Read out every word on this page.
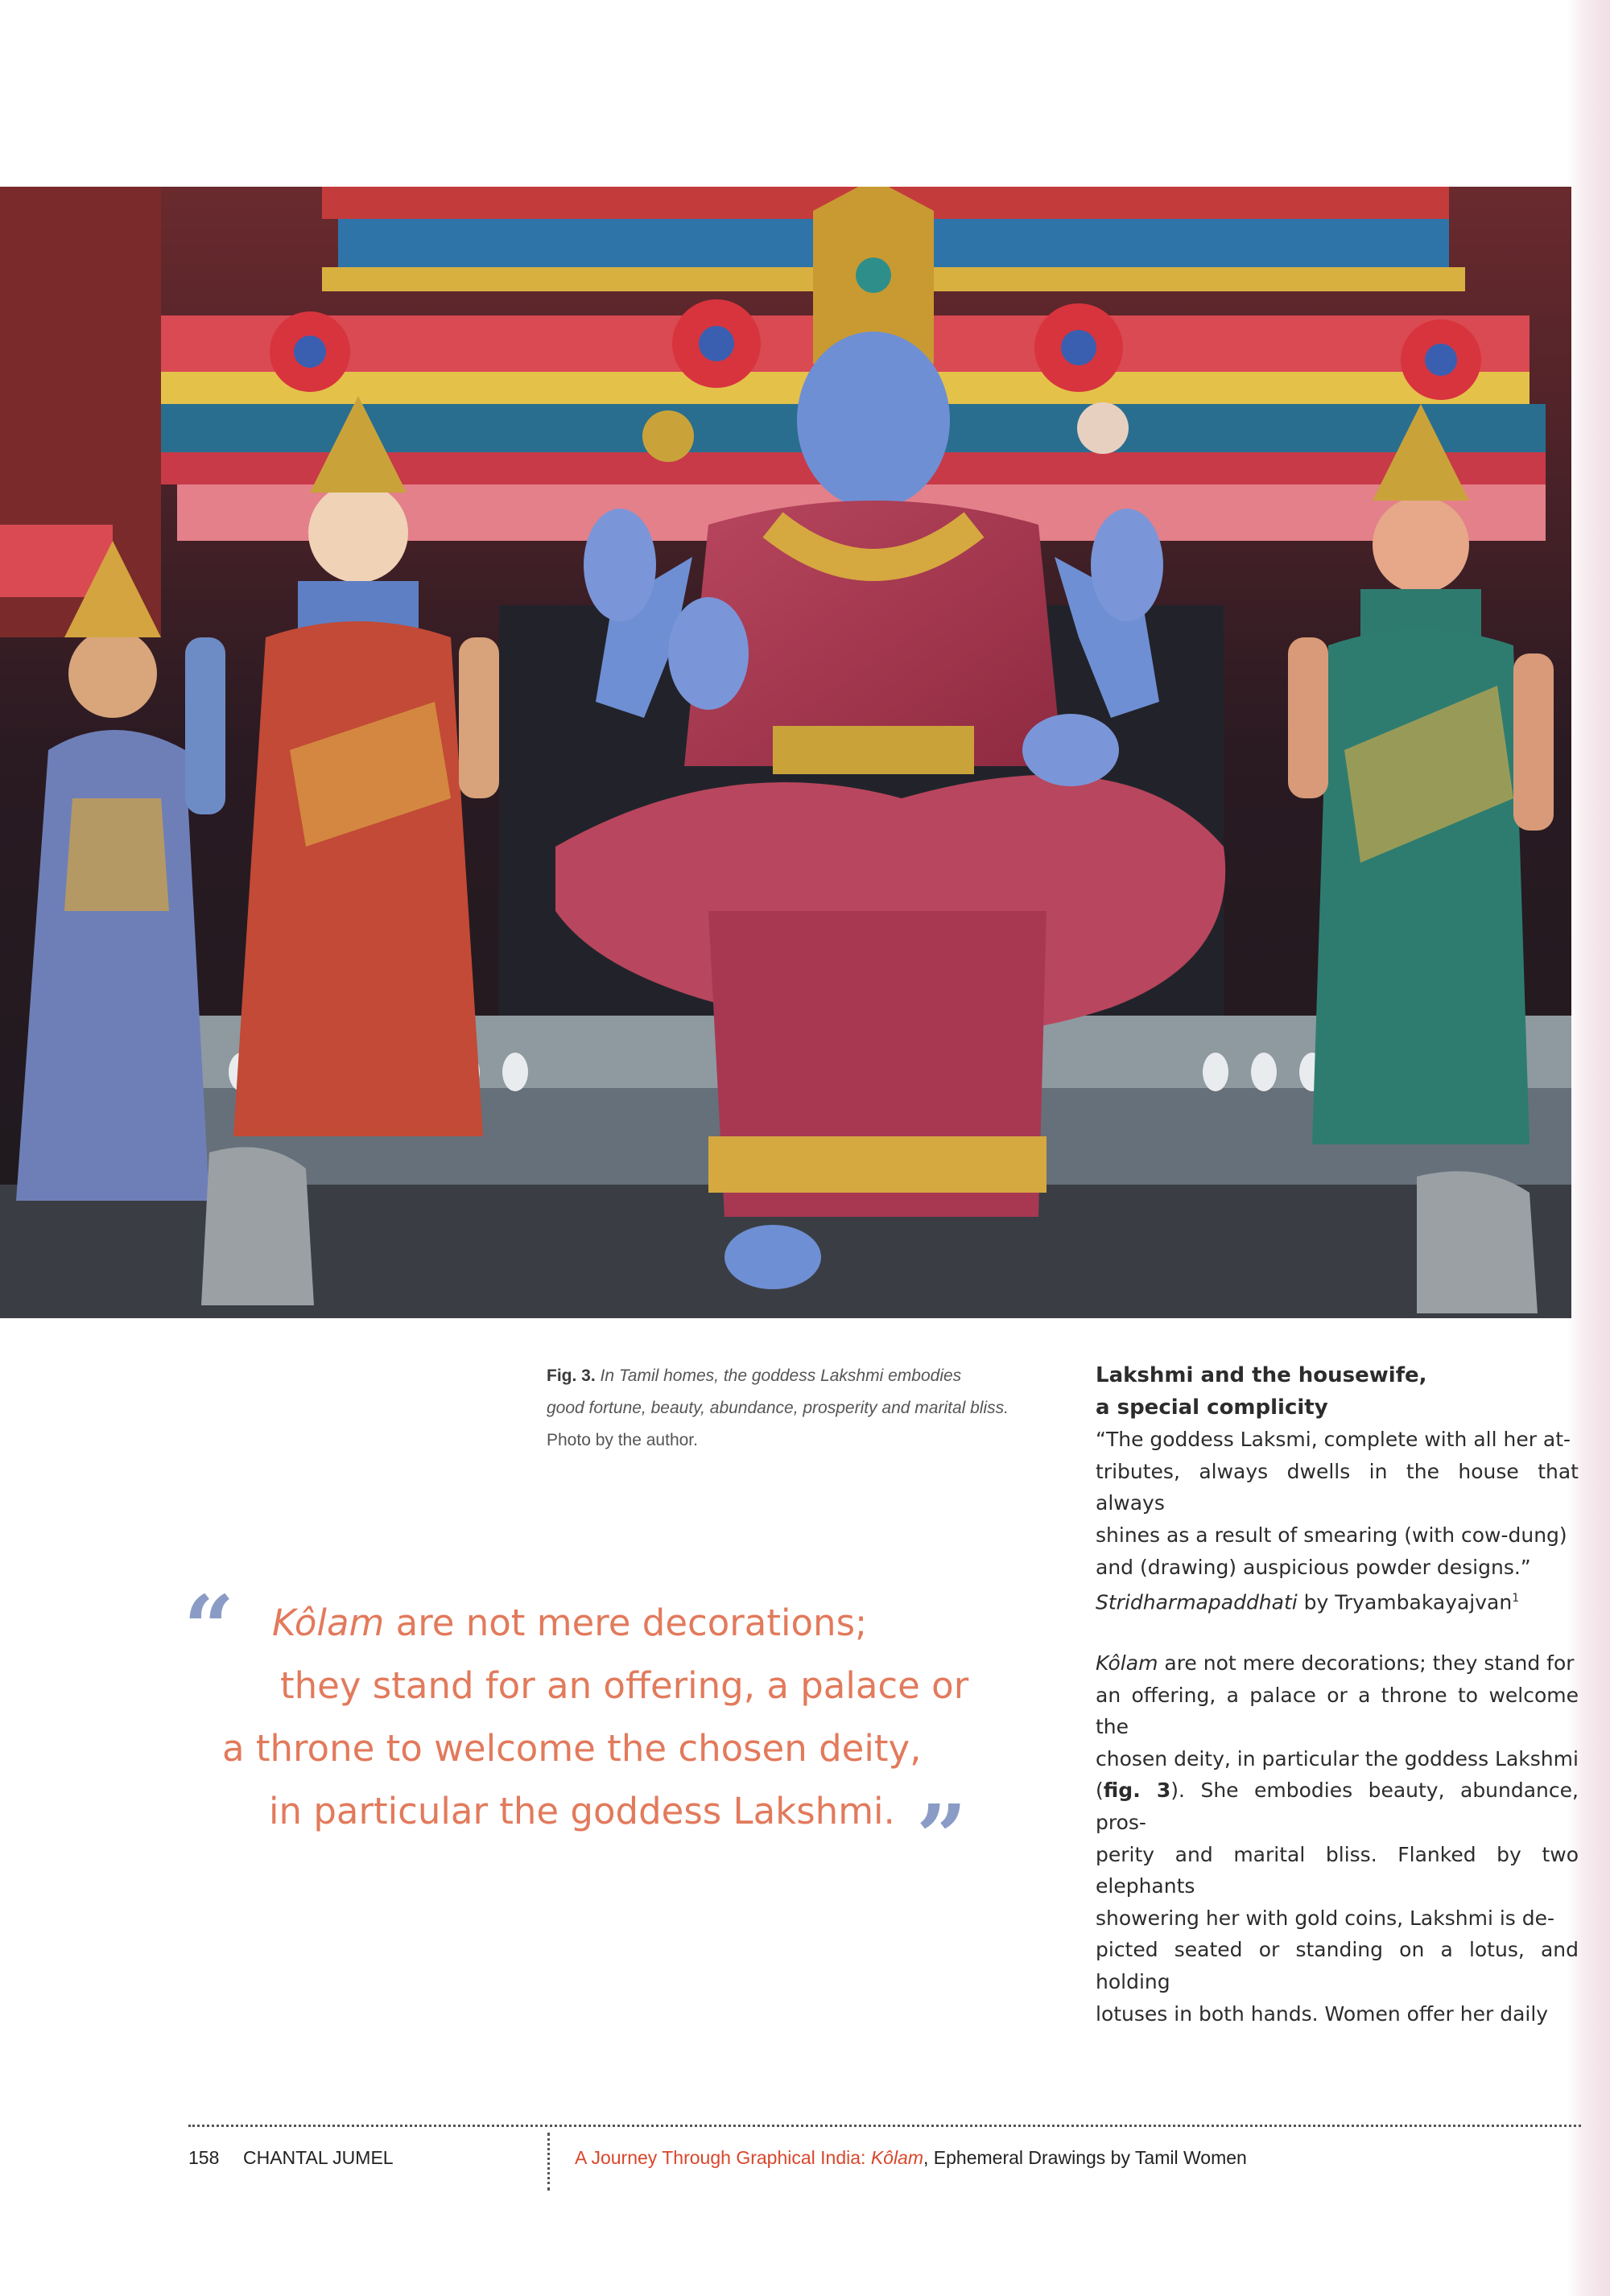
Fig. 3. In Tamil homes, the goddess Lakshmi embodies
good fortune, beauty, abundance, prosperity and marital bliss.
Photo by the author.
“ Kôlam are not mere decorations;
they stand for an offering, a palace or
a throne to welcome the chosen deity,
in particular the goddess Lakshmi. ”
Lakshmi and the housewife,
a special complicity

“The goddess Laksmi, complete with all her at-
tributes, always dwells in the house that always
shines as a result of smearing (with cow-dung)
and (drawing) auspicious powder designs.”
Stridharmapaddhati by Tryambakayajvan$^1$

Kôlam are not mere decorations; they stand for
an offering, a palace or a throne to welcome the
chosen deity, in particular the goddess Lakshmi
(fig. 3). She embodies beauty, abundance, pros-
perity and marital bliss. Flanked by two elephants
showering her with gold coins, Lakshmi is de-
picted seated or standing on a lotus, and holding
lotuses in both hands. Women offer her daily

158 CHANTAL JUMEL	A Journey Through Graphical India: Kôlam, Ephemeral Drawings by Tamil Women
